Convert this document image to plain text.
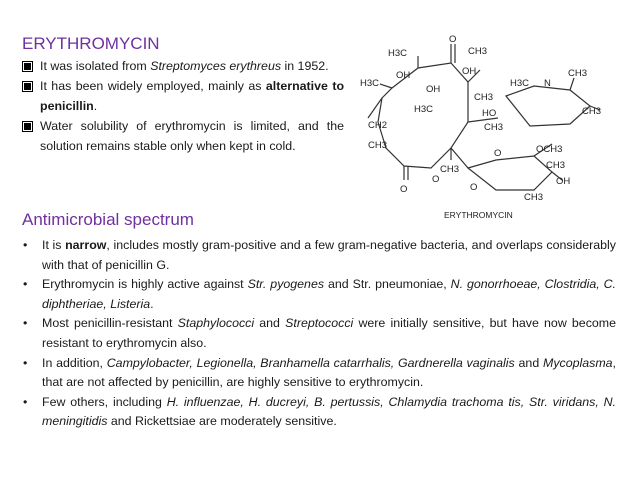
ERYTHROMYCIN
It was isolated from Streptomyces erythreus in 1952.
It has been widely employed, mainly as alternative to penicillin.
Water solubility of erythromycin is limited, and the solution remains stable only when kept in cold.
O
CH3
H3C
H3C
OH
OH
OH
CH3
H3C	HO
CH3
CH2
CH3
O
O
CH3
H3C
CH3
N
CH3
O	OCH3
CH3
OH
CH3
O
ERYTHROMYCIN
Antimicrobial spectrum
• It is narrow, includes mostly gram-positive and a few gram-negative bacteria, and overlaps considerably with that of penicillin G.
• Erythromycin is highly active against Str. pyogenes and Str. pneumoniae, N. gonorrhoeae, Clostridia, C. diphtheriae, Listeria.
• Most penicillin-resistant Staphylococci and Streptococci were initially sensitive, but have now become resistant to erythromycin also.
• In addition, Campylobacter, Legionella, Branhamella catarrhalis, Gardnerella vaginalis and Mycoplasma, that are not affected by penicillin, are highly sensitive to erythromycin.
• Few others, including H. influenzae, H. ducreyi, B. pertussis, Chlamydia trachoma tis, Str. viridans, N. meningitidis and Rickettsiae are moderately sensitive.
